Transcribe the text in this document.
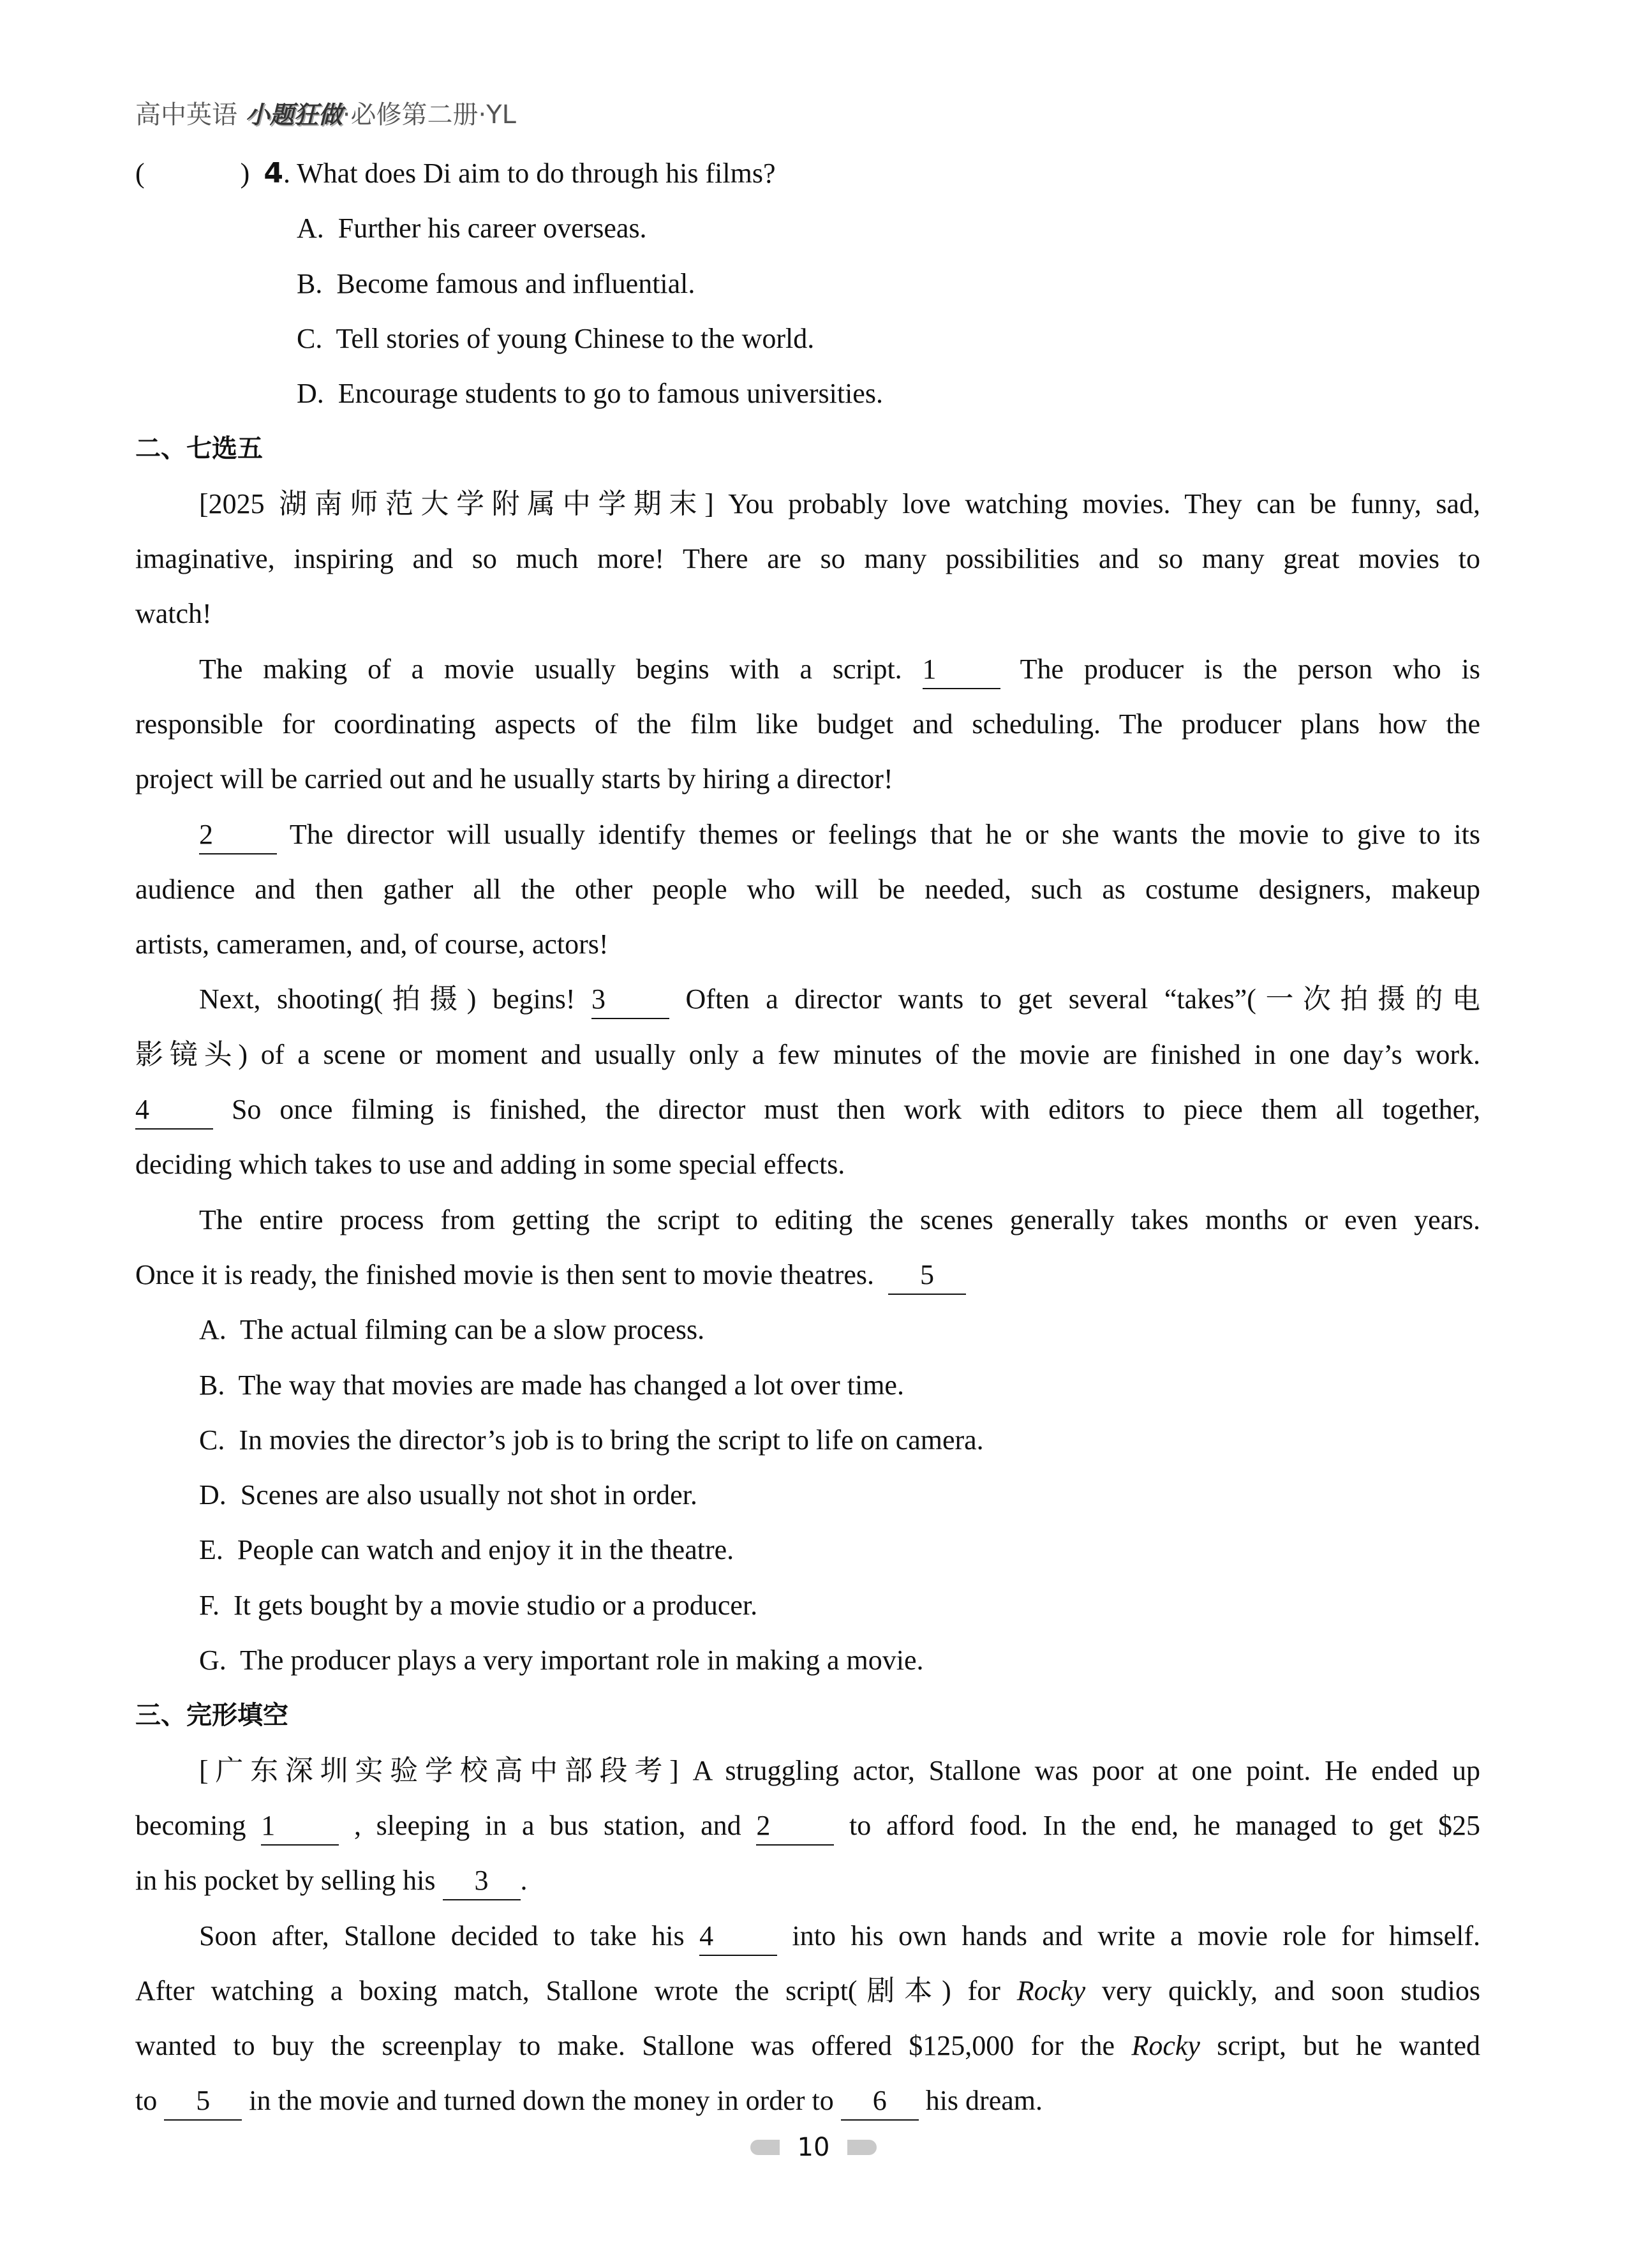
高中英语 小题狂做·必修第二册·YL
(	)  4. What does Di aim to do through his films?
A.  Further his career overseas.
B.  Become famous and influential.
C.  Tell stories of young Chinese to the world.
D.  Encourage students to go to famous universities.
二、七选五
[2025 湖南师范大学附属中学期末] You probably love watching movies. They can be funny, sad,
imaginative, inspiring and so much more! There are so many possibilities and so many great movies to
watch!
The making of a movie usually begins with a script. 1	The producer is the person who is
responsible for coordinating aspects of the film like budget and scheduling. The producer plans how the
project will be carried out and he usually starts by hiring a director!
2	The director will usually identify themes or feelings that he or she wants the movie to give to its
audience and then gather all the other people who will be needed, such as costume designers, makeup
artists, cameramen, and, of course, actors!
Next, shooting(拍摄) begins! 3	Often a director wants to get several “takes”(一次拍摄的电
影镜头) of a scene or moment and usually only a few minutes of the movie are finished in one day’s work.
4	So once filming is finished, the director must then work with editors to piece them all together,
deciding which takes to use and adding in some special effects.
The entire process from getting the script to editing the scenes generally takes months or even years.
Once it is ready, the finished movie is then sent to movie theatres.  5
A.  The actual filming can be a slow process.
B.  The way that movies are made has changed a lot over time.
C.  In movies the director’s job is to bring the script to life on camera.
D.  Scenes are also usually not shot in order.
E.  People can watch and enjoy it in the theatre.
F.  It gets bought by a movie studio or a producer.
G.  The producer plays a very important role in making a movie.
三、完形填空
[广东深圳实验学校高中部段考] A struggling actor, Stallone was poor at one point. He ended up
becoming 1	, sleeping in a bus station, and 2	to afford food. In the end, he managed to get $25
in his pocket by selling his 3 .
Soon after, Stallone decided to take his 4	into his own hands and write a movie role for himself.
After watching a boxing match, Stallone wrote the script(剧本) for Rocky very quickly, and soon studios
wanted to buy the screenplay to make. Stallone was offered $125,000 for the Rocky script, but he wanted
to 5 in the movie and turned down the money in order to 6 his dream.
10
